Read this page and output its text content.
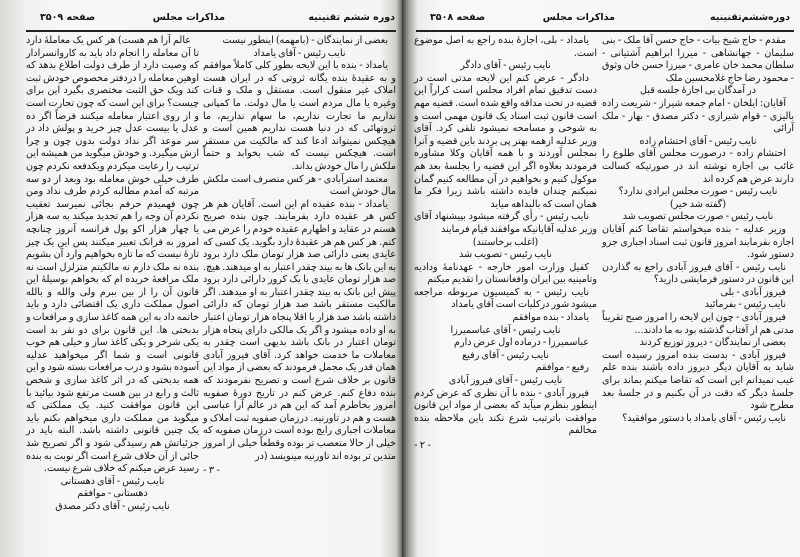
دوره ششم تقنینیه
مذاکرات مجلس
صفحه ۳۵۰۹

بعضی از نمایندگان - (بامهمه) اینطور نیست

نایب رئیس - آقای یامداد

یامداد - بنده با این لایحه بطور کلی کاملاً موافقم و به عقیدهٔ بنده یگانه ثروتی که در ایران هست املاک غیر منقول است. مستقل و ملک و قنات وغیره یا مال مردم است یا مال دولت. ما کمپانی نداریم ما تجارت نداریم، ما سهام نداریم، ما ثروتهائی که در دنیا هست نداریم همین است و هیچکس نمیتواند ادعا کند که مالکیت من مستقر است. هیچکس نیست که شب بخوابد و حتماً ملکش را مال خودش بداند.

معتمد استرآبادی - هر کس متصرف است ملکش مال خودش است

یامداد - بنده عقیده ام این است. آقایان هم هر کس هر عقیده دارد بفرمایند. چون بنده صریح هستم در عقاید و اظهارم عقیده خودم را عرض می کنم. هر کس هم هر عقیدهٔ دارد بگوید. یک کسی که عایدی یعنی دارائی صد هزار تومان ملک دارد برود به این بانک ها به بیند چقدر اعتبار به او میدهند. هیچ. صد هزار تومان عایدی یا یک کرور دارائی دارد برود پیش این بانک به بیند چقدر اعتبار به او میدهند. اگر مالکیت مستقر باشد صد هزار تومان که دارائی داشته باشد صد هزار یا اقلا پنجاه هزار تومان اعتبار به او داده میشود و اگر یک مالکی دارای پنجاه هزار تومان اعتبار در بانک باشد بدیهی است چقدر به معاملات ما خدمت خواهد کرد. آقای فیروز آبادی همان قدر یک مجمل فرمودند که بعضی از مواد این قانون بر خلاف شرع است و تصریح نفرمودند که بنده دفاع کنم. عرض کنم در تاریخ دورهٔ صفویه امروز بخاطرم آمد که این هم در عالم آرا عباسی هست و هم در تاورنیه. درزمان صفویه ثبت املاک و معاملات اجباری رایج بوده است درزمان صفویه که خیلی از حالا متعصب تر بوده وقطعاً خیلی از امروز متدین تر بوده اند تاورنیه مینویسد (در

- ۳ -

عالم آرا هم هست) هر کس یک معاملهٔ دارد تا آن معامله را انجام داد باید به کاروانسرادار که وصیت دارد از طرف دولت اطلاع بدهد که اوهین معامله را دردفتر مخصوص خودش ثبت کند ویک حق الثبت مختصری بگیرد این برای چیست؟ برای این است که چون تجارت است و از روی اعتبار معامله میکنند فرضاً اگر ده عدل یا بیست عدل چیز خرید و پولش داد در سر موعد اگر نداد دولت بدون چون و چرا ازش میگیرد. و خودش میگوید من همیشه این ترتیب را رعایت میکردم ویکدفعه نکردم چون طرف خیلی خوش معامله بود وبعد از دو سه مرتبه که آمدم مطالبه کردم طرف نداد ومن چون فهمیدم حرفم بجائی نمیرسد تعقیب نکردم آن وجه را هم تجدید میکند به سه هزار یا چهار هزار اکو پول فرانسه آنروز چنانچه امروز به فرانک تعبیر میکنند پس این یک چیز تازهٔ نیست که ما تازه بخواهیم وارد آن بشویم بنده نه ملک دارم نه مالکیتم متزلزل است نه ملک مرافعهٔ خریده ام که بخواهم بوسیلهٔ این قانون آن را از بین ببرم ولی والله و بالله اصول مملکت داری یک اقتضائی دارد و باید خاتمه داد به این همه کاغذ سازی و مرافعات و بدبختی ها. این قانون برای دو نفر بد است یکی شرخر و یکی کاغذ ساز و خیلی هم خوب قانونی است و شما اگر میخواهید عدلیه آسوده بشود و درب مرافعات بسته شود و این همه بدبختی که در اثر کاغذ سازی و شخص ثالث و رابع در بین هست مرتفع شود بیائید با این قانون موافقت کنید. یک مملکتی که میگوید من مملکت داری میخواهم بکنم باید یک چنین قانونی داشته باشد. البته باید در جزئیاتش هم رسیدگی شود و اگر تصریح شد جائی از آن خلاف شرع است اگر نوبت به بنده رسید عرض میکنم که خلاف شرع نیست.

نایب رئیس - آقای دهستانی

دهستانی - موافقم

نایب رئیس - آقای دکتر مصدق

دوره‌ششم‌تقنینیه
مذاکرات مجلس
صفحه ۳۵۰۸

مقدم - حاج شیخ بیات - حاج حسن آقا ملک - بنی سلیمان - جهانشاهی - میرزا ابراهیم آشتیانی - سلطان محمد خان عامری - میرزا حسن خان وثوق - محمود رضا حاج غلامحسین ملک

در آمدگان بی اجازهٔ جلسه قبل

آقایان: ایلخان - امام جمعه شیراز - شریعت زاده بالیزی - قوام شیرازی - دکتر مصدق - بهار - ملک آرائی

نایب رئیس - آقای احتشام زاده

احتشام زاده - درصورت مجلس آقای طلوع را غائب بی اجازه نوشته اند در صورتیکه کسالت دارند عرض هم کرده اند

نایب رئیس - صورت مجلس ایرادی ندارد؟

(گفته شد خیر)

نایب رئیس - صورت مجلس تصویب شد

وزیر عدلیه - بنده میخواستم تقاضا کنم آقایان اجازه بفرمایند امروز قانون ثبت اسناد اجباری جزو دستور شود.

نایب رئیس - آقای فیروز آبادی راجع به گذاردن این قانون در دستور فرمایشی دارید؟

فیروز آبادی - بلی

نایب رئیس - بفرمائید

فیروز آبادی - چون این لایحه را امروز صبح تقریباً مدتی هم از آفتاب گذشته بود به ما دادند...

بعضی از نمایندگان - دیروز توزیع کردند

فیروز آبادی - بدست بنده امروز رسیده است شاید به آقایان دیگر دیروز داده باشند بنده علم غیب نمیدانم این است که تقاضا میکنم بماند برای جلسهٔ دیگر که دقت در آن بکنیم و در جلسهٔ بعد مطرح شود

نایب رئیس - آقای یامداد با دستور موافقید؟

یامداد - بلی، اجازهٔ بنده راجع به اصل موضوع است.

نایب رئیس - آقای دادگر

دادگر - عرض کنم این لایحه مدتی است در دست تدقیق تمام افراد مجلس است کراراً این قضیه در تحت مداقه واقع شده است. قضیه مهم است قانون ثبت اسناد یک قانون مهمی است و به شوخی و مسامحه نمیشود تلقی کرد. آقای وزیر عدلیه ازهمه بهتر پی بردند باین قضیه و آنرا بمجلس آوردند و با همه آقایان وکلا مشاوره فرمودند بعلاوه اگر این قضیه را بجلسهٔ بعد هم موکول کنیم و بخواهیم در آن مطالعه کنیم گمان نمیکنم چندان فایده داشته باشد زیرا فکر ما همان است که بالبداهه میاید

نایب رئیس - رأی گرفته میشود بپیشنهاد آقای وزیر عدلیه آقایانیکه موافقند قیام فرمایند

(اغلب برخاستند)

نایب رئیس - تصویب شد

کفیل وزارت امور خارجه - عهدنامهٔ ودادیه وتامینیه بین ایران وافغانستان را تقدیم میکنم

نایب رئیس - به کمیسیون مربوطه مراجعه میشود شور درکلیات است آقای یامداد

یامداد - بنده موافقم

نایب رئیس - آقای عباسمیرزا

عباسمیرزا - درماده اول عرض دارم

نایب رئیس - آقای رفیع

رفیع - موافقم

نایب رئیس - آقای فیروز آبادی

فیروز آبادی - بنده با آن نظری که عرض کردم اینطور بنظرم میآید که بعضی از مواد این قانون موافقت باترتیب شرع نکند باین ملاحظه بنده مخالفم

- ۲ -
